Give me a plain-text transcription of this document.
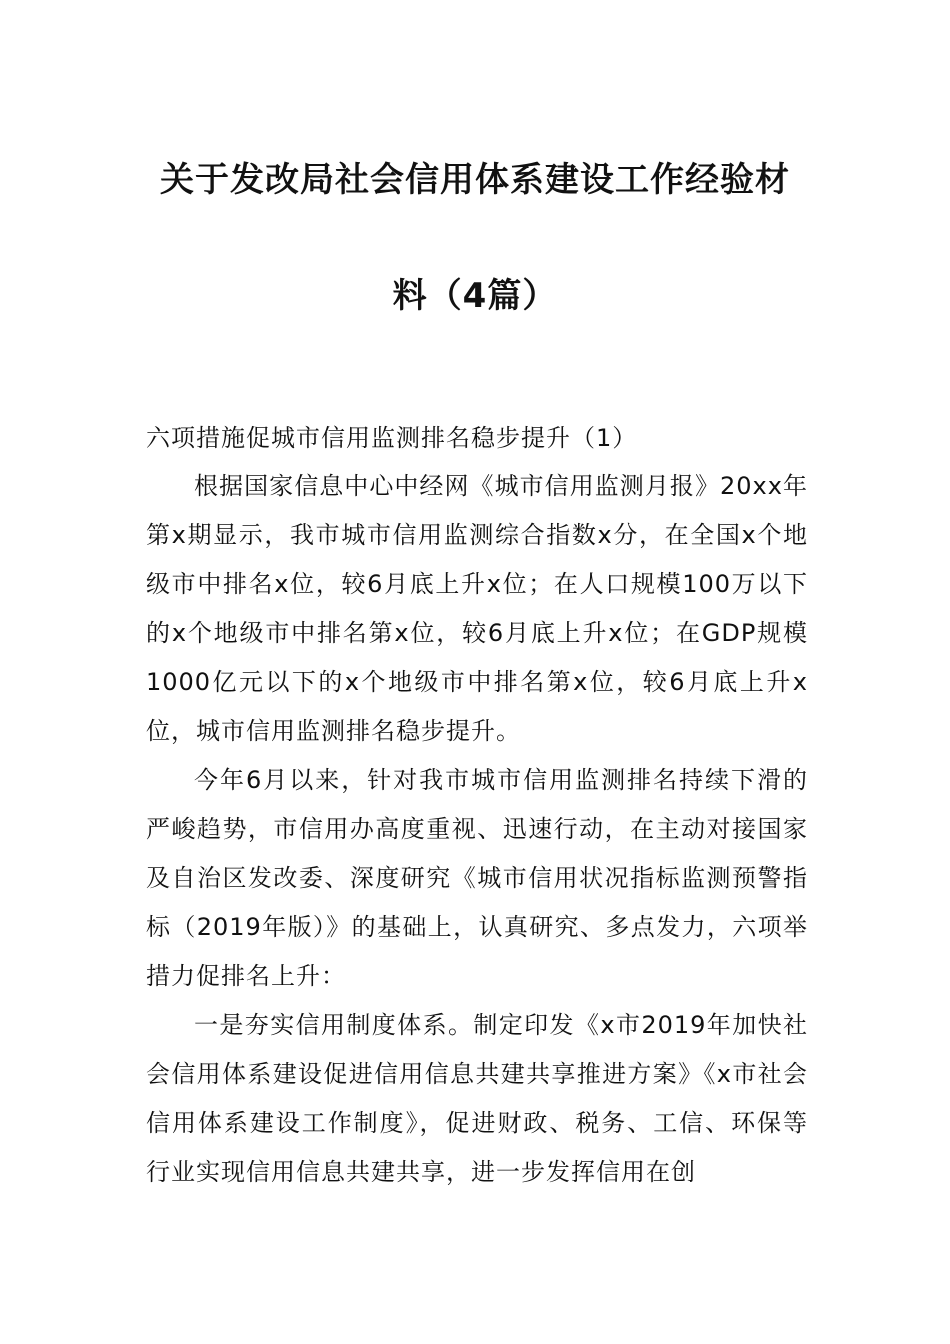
关于发改局社会信用体系建设工作经验材
料（4篇）

六项措施促城市信用监测排名稳步提升（1）

根据国家信息中心中经网《城市信用监测月报》20xx年第x期显示，我市城市信用监测综合指数x分，在全国x个地级市中排名x位，较6月底上升x位；在人口规模100万以下的x个地级市中排名第x位，较6月底上升x位；在GDP规模1000亿元以下的x个地级市中排名第x位，较6月底上升x位，城市信用监测排名稳步提升。

今年6月以来，针对我市城市信用监测排名持续下滑的严峻趋势，市信用办高度重视、迅速行动，在主动对接国家及自治区发改委、深度研究《城市信用状况指标监测预警指标（2019年版）》的基础上，认真研究、多点发力，六项举措力促排名上升：

一是夯实信用制度体系。制定印发《x市2019年加快社会信用体系建设促进信用信息共建共享推进方案》《x市社会信用体系建设工作制度》，促进财政、税务、工信、环保等行业实现信用信息共建共享，进一步发挥信用在创
